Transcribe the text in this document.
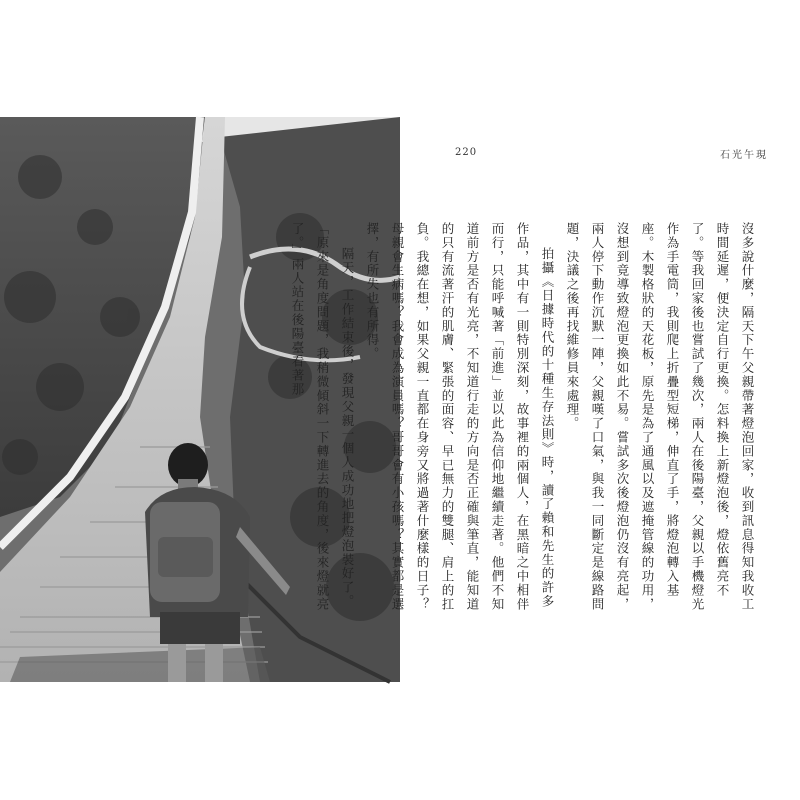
220	石光午現

沒多說什麼，隔天下午父親帶著燈泡回家，收到訊息得知我收工時間延遲，便決定自行更換。怎料換上新燈泡後，燈依舊亮不了。等我回家後也嘗試了幾次，兩人在後陽臺，父親以手機燈光作為手電筒，我則爬上折疊型短梯，伸直了手，將燈泡轉入基座。木製格狀的天花板，原先是為了通風以及遮掩管線的功用，沒想到竟導致燈泡更換如此不易。嘗試多次後燈泡仍沒有亮起，兩人停下動作沉默一陣，父親嘆了口氣，與我一同斷定是線路問題，決議之後再找維修員來處理。

拍攝《日據時代的十種生存法則》時，讀了賴和先生的許多作品，其中有一則特別深刻，故事裡的兩個人，在黑暗之中相伴而行，只能呼喊著「前進」並以此為信仰地繼續走著。他們不知道前方是否有光亮，不知道行走的方向是否正確與筆直，能知道的只有流著汗的肌膚、緊張的面容、早已無力的雙腿、肩上的扛負。我總在想，如果父親一直都在身旁又將過著什麼樣的日子？母親會生病嗎？我會成為演員嗎？哥哥會有小孩嗎？其實都是選擇，有所失也有所得。

隔天，工作結束後，發現父親一個人成功地把燈泡裝好了。「原來是角度問題，我稍微傾斜一下轉進去的角度，後來燈就亮了。」兩人站在後陽臺看著那
